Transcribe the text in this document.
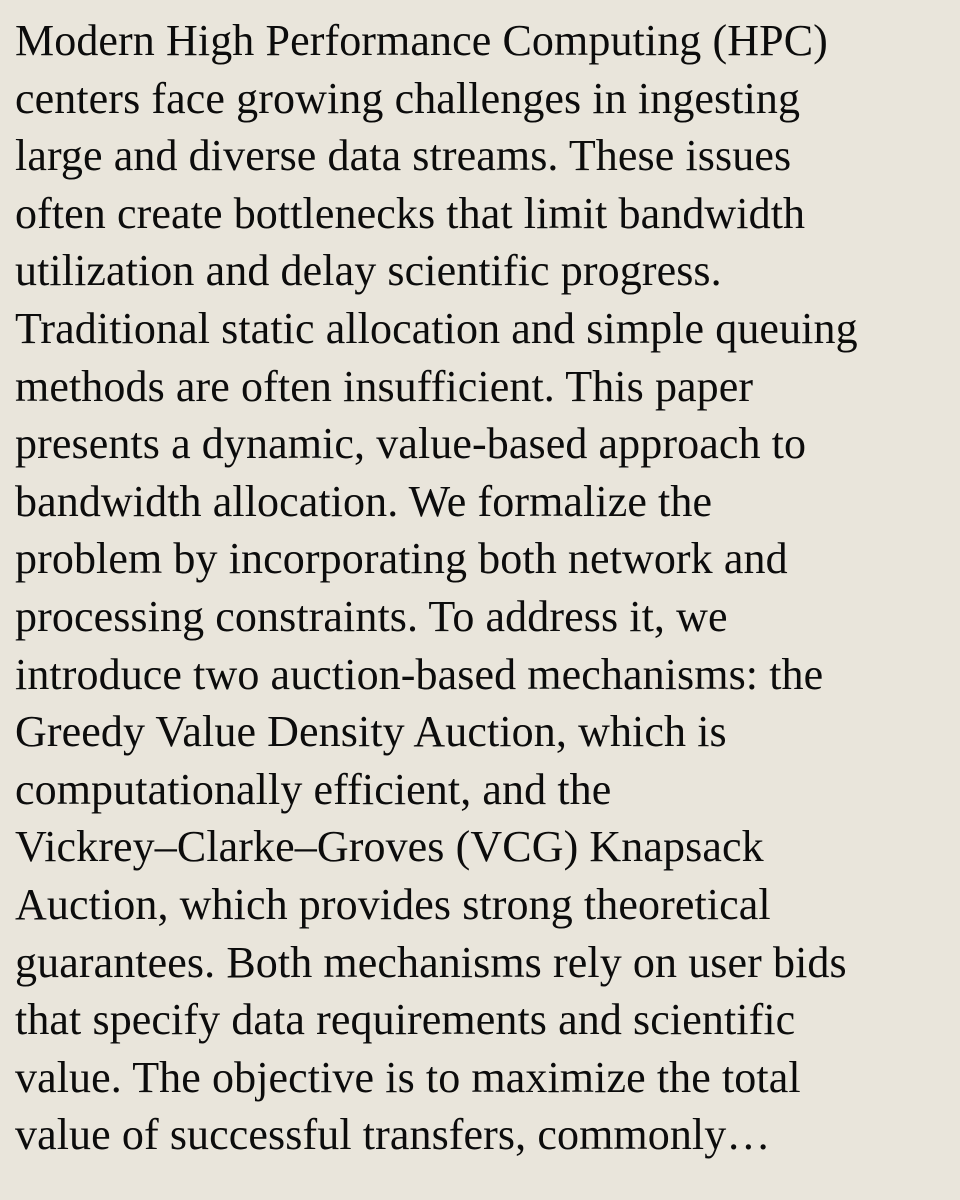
Modern High Performance Computing (HPC)
centers face growing challenges in ingesting
large and diverse data streams. These issues
often create bottlenecks that limit bandwidth
utilization and delay scientific progress.
Traditional static allocation and simple queuing
methods are often insufficient. This paper
presents a dynamic, value-based approach to
bandwidth allocation. We formalize the
problem by incorporating both network and
processing constraints. To address it, we
introduce two auction-based mechanisms: the
Greedy Value Density Auction, which is
computationally efficient, and the
Vickrey–Clarke–Groves (VCG) Knapsack
Auction, which provides strong theoretical
guarantees. Both mechanisms rely on user bids
that specify data requirements and scientific
value. The objective is to maximize the total
value of successful transfers, commonly…
